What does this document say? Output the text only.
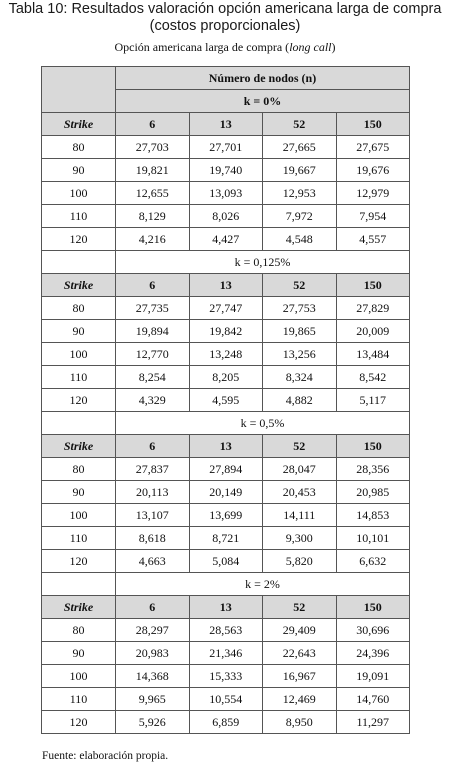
Tabla 10: Resultados valoración opción americana larga de compra
(costos proporcionales)
Opción americana larga de compra (long call)
	Número de nodos (n)			
	k = 0%			
Strike	6	13	52	150
80	27,703	27,701	27,665	27,675
90	19,821	19,740	19,667	19,676
100	12,655	13,093	12,953	12,979
110	8,129	8,026	7,972	7,954
120	4,216	4,427	4,548	4,557
	k = 0,125%			
Strike	6	13	52	150
80	27,735	27,747	27,753	27,829
90	19,894	19,842	19,865	20,009
100	12,770	13,248	13,256	13,484
110	8,254	8,205	8,324	8,542
120	4,329	4,595	4,882	5,117
	k = 0,5%			
Strike	6	13	52	150
80	27,837	27,894	28,047	28,356
90	20,113	20,149	20,453	20,985
100	13,107	13,699	14,111	14,853
110	8,618	8,721	9,300	10,101
120	4,663	5,084	5,820	6,632
	k = 2%			
Strike	6	13	52	150
80	28,297	28,563	29,409	30,696
90	20,983	21,346	22,643	24,396
100	14,368	15,333	16,967	19,091
110	9,965	10,554	12,469	14,760
120	5,926	6,859	8,950	11,297
Fuente: elaboración propia.
